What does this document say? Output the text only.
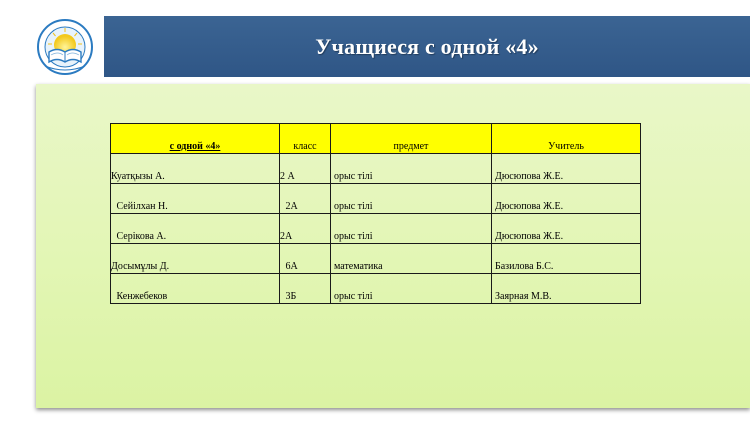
Учащиеся с одной «4»
с одной «4»	класс	предмет	Учитель
Куатқызы А.	2 А	орыс тілі	Дюсюпова Ж.Е.
Сейілхан Н.	2А	орыс тілі	Дюсюпова Ж.Е.
Серікова А.	2А	орыс тілі	Дюсюпова Ж.Е.
Досымұлы Д.	6А	математика	Базилова Б.С.
Кенжебеков	3Б	орыс тілі	Заярная М.В.
